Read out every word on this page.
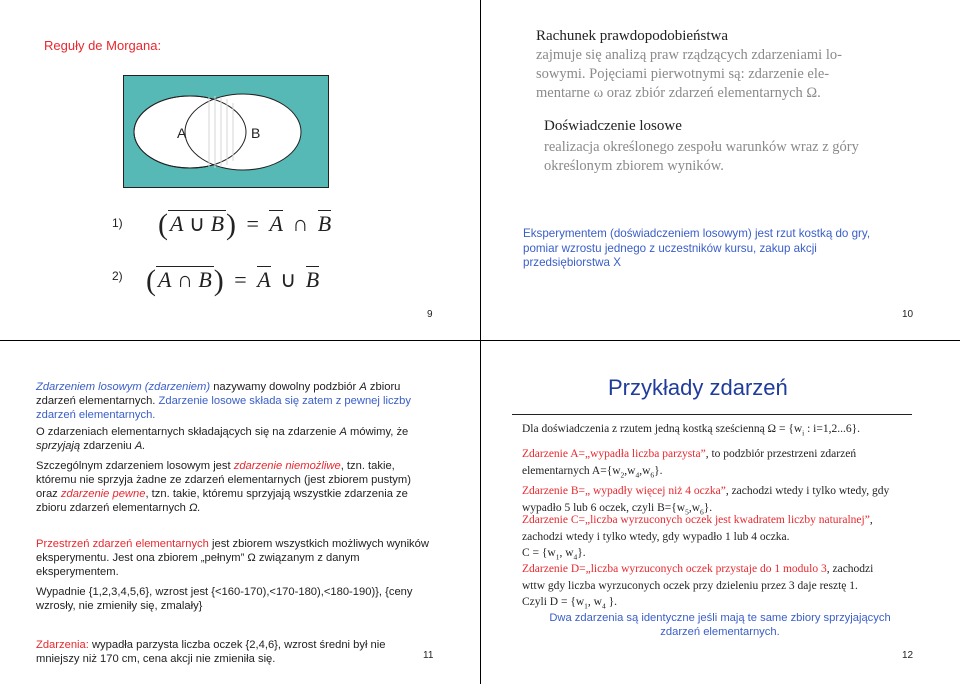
Reguły de Morgana:
A	B
1) (A ∪ B) = A ∩ B
2) (A ∩ B) = A ∪ B
9
Rachunek prawdopodobieństwa
zajmuje się analizą praw rządzących zdarzeniami lo-
sowymi. Pojęciami pierwotnymi są: zdarzenie ele-
mentarne ω oraz zbiór zdarzeń elementarnych Ω.
Doświadczenie losowe
realizacja określonego zespołu warunków wraz z góry
określonym zbiorem wyników.
Eksperymentem (doświadczeniem losowym) jest rzut kostką do gry, pomiar wzrostu jednego z uczestników kursu, zakup akcji przedsiębiorstwa X
10
Zdarzeniem losowym (zdarzeniem) nazywamy dowolny podzbiór A zbioru zdarzeń elementarnych. Zdarzenie losowe składa się zatem z pewnej liczby zdarzeń elementarnych.
O zdarzeniach elementarnych składających się na zdarzenie A mówimy, że sprzyjają zdarzeniu A.
Szczególnym zdarzeniem losowym jest zdarzenie niemożliwe, tzn. takie, któremu nie sprzyja żadne ze zdarzeń elementarnych (jest zbiorem pustym) oraz zdarzenie pewne, tzn. takie, któremu sprzyjają wszystkie zdarzenia ze zbioru zdarzeń elementarnych Ω.
Przestrzeń zdarzeń elementarnych jest zbiorem wszystkich możliwych wyników eksperymentu. Jest ona zbiorem „pełnym” Ω związanym z danym eksperymentem.
Wypadnie {1,2,3,4,5,6}, wzrost jest {<160-170),<170-180),<180-190)}, {ceny wzrosły, nie zmieniły się, zmalały}
Zdarzenia: wypadła parzysta liczba oczek {2,4,6}, wzrost średni był nie mniejszy niż 170 cm, cena akcji nie zmieniła się.	11
Przykłady zdarzeń
Dla doświadczenia z rzutem jedną kostką sześcienną $\Omega = \{w_i$ : i=1,2...6}.
Zdarzenie A=„wypadła liczba parzysta”, to podzbiór przestrzeni zdarzeń
elementarnych $A=\{w_2,w_4,w_6\}$.
Zdarzenie B=„ wypadły więcej niż 4 oczka”, zachodzi wtedy i tylko wtedy, gdy
wypadło 5 lub 6 oczek, czyli $B=\{w_5,w_6\}$.
Zdarzenie C=„liczba wyrzuconych oczek jest kwadratem liczby naturalnej”,
zachodzi wtedy i tylko wtedy, gdy wypadło 1 lub 4 oczka.
$C = \{w_1$, $w_4$}.
Zdarzenie D=„liczba wyrzuconych oczek przystaje do 1 modulo 3, zachodzi
wttw gdy liczba wyrzuconych oczek przy dzieleniu przez 3 daje resztę 1.
Czyli $D = \{w_1$, $w_4$ }.
Dwa zdarzenia są identyczne jeśli mają te same zbiory sprzyjających zdarzeń elementarnych.
12
